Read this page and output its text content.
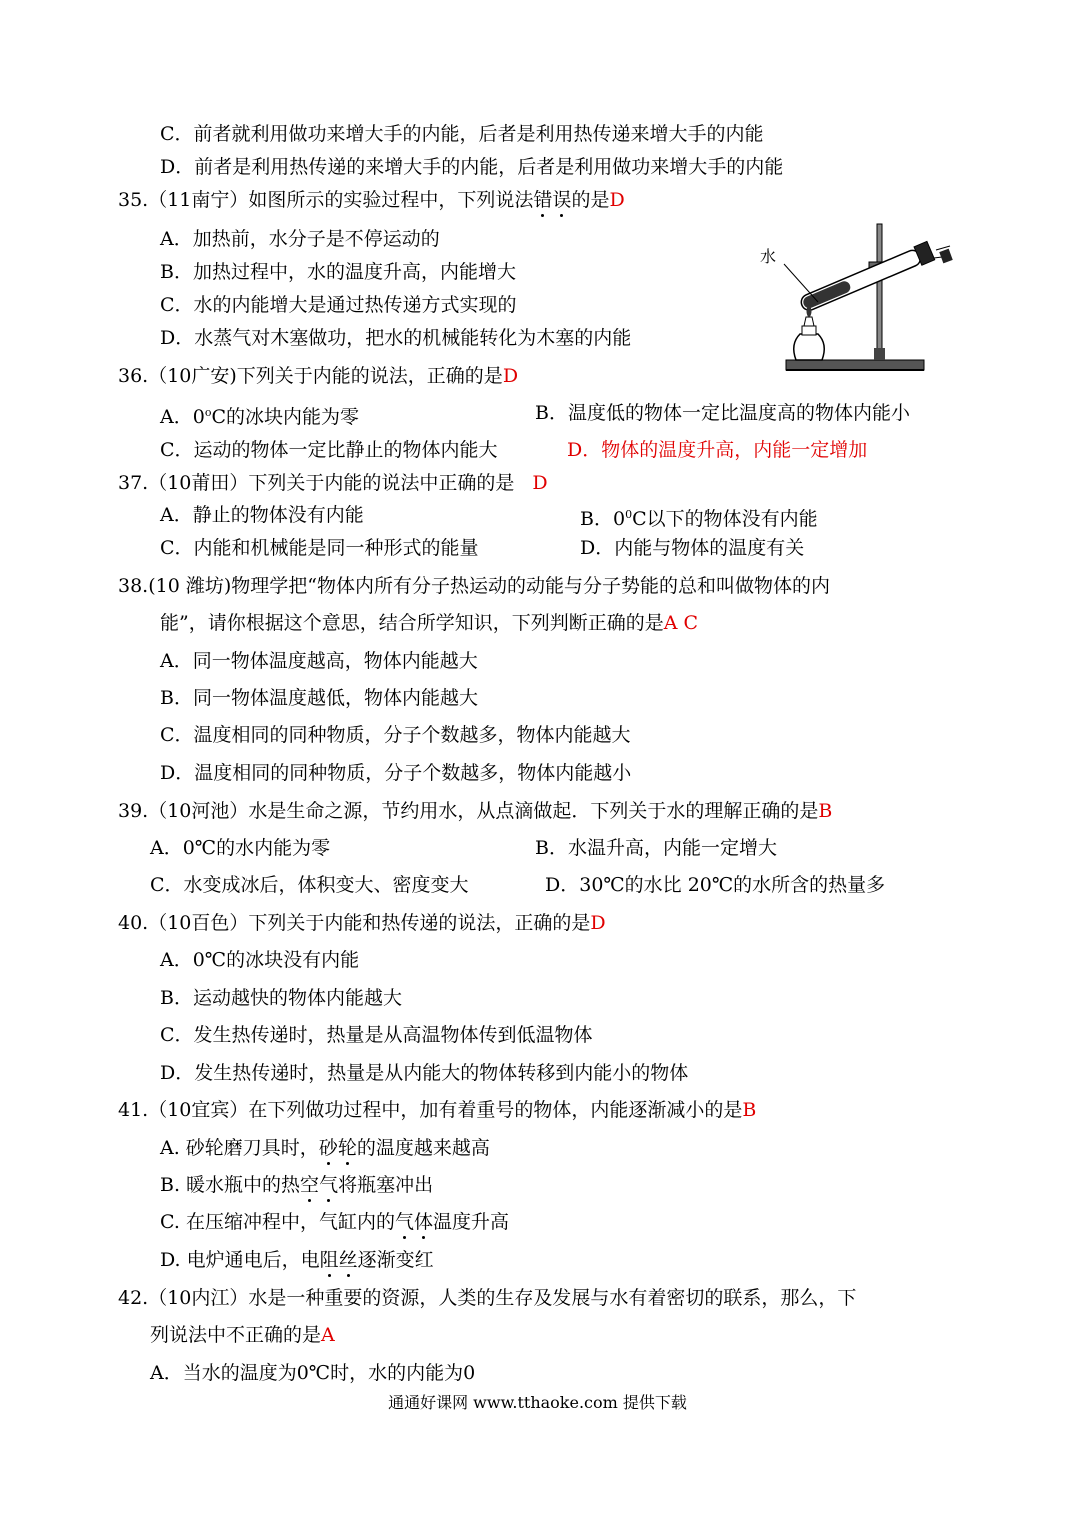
C．前者就利用做功来增大手的内能，后者是利用热传递来增大手的内能
D．前者是利用热传递的来增大手的内能，后者是利用做功来增大手的内能
35.（11南宁）如图所示的实验过程中，下列说法错误的是D
A．加热前，水分子是不停运动的
B．加热过程中，水的温度升高，内能增大
C．水的内能增大是通过热传递方式实现的
D．水蒸气对木塞做功，把水的机械能转化为木塞的内能
水
36.（10广安)下列关于内能的说法，正确的是D
A．0$^o$C的冰块内能为零	B．温度低的物体一定比温度高的物体内能小
C．运动的物体一定比静止的物体内能大	D．物体的温度升高，内能一定增加
37.（10莆田）下列关于内能的说法中正确的是 D
A．静止的物体没有内能	B．$0^0C$以下的物体没有内能
C．内能和机械能是同一种形式的能量	D．内能与物体的温度有关
38.(10 潍坊)物理学把“物体内所有分子热运动的动能与分子势能的总和叫做物体的内
能”，请你根据这个意思，结合所学知识，下列判断正确的是A C
A．同一物体温度越高，物体内能越大
B．同一物体温度越低，物体内能越大
C．温度相同的同种物质，分子个数越多，物体内能越大
D．温度相同的同种物质，分子个数越多，物体内能越小
39.（10河池）水是生命之源，节约用水，从点滴做起．下列关于水的理解正确的是B
A．0℃的水内能为零	B．水温升高，内能一定增大
C．水变成冰后，体积变大、密度变大	D．30℃的水比 20℃的水所含的热量多
40.（10百色）下列关于内能和热传递的说法，正确的是D
A．0℃的冰块没有内能
B．运动越快的物体内能越大
C．发生热传递时，热量是从高温物体传到低温物体
D．发生热传递时，热量是从内能大的物体转移到内能小的物体
41.（10宜宾）在下列做功过程中，加有着重号的物体，内能逐渐减小的是B
A. 砂轮磨刀具时，砂轮的温度越来越高
B. 暖水瓶中的热空气将瓶塞冲出
C. 在压缩冲程中，气缸内的气体温度升高
D. 电炉通电后，电阻丝逐渐变红
42.（10内江）水是一种重要的资源，人类的生存及发展与水有着密切的联系，那么，下
列说法中不正确的是A
A．当水的温度为0℃时，水的内能为0
通通好课网 www.tthaoke.com 提供下载
